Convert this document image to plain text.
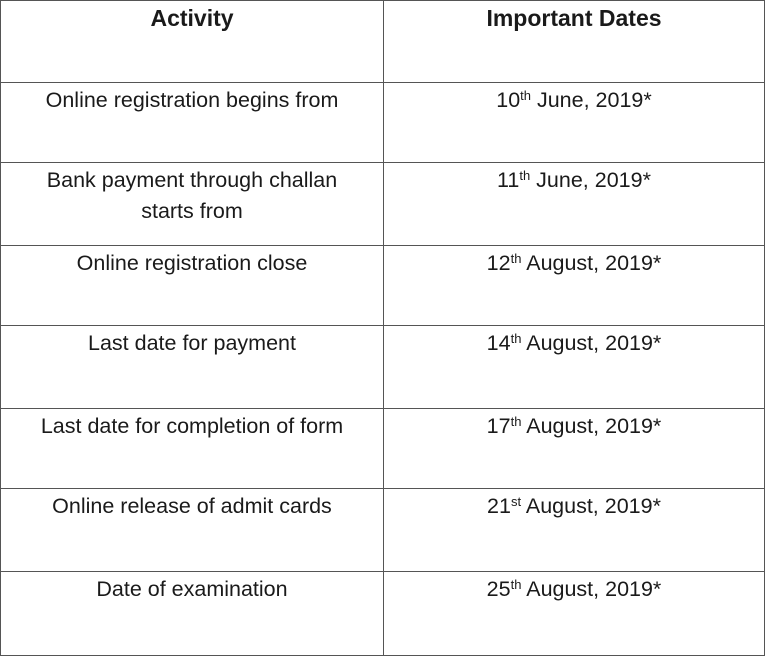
Activity	Important Dates
Online registration begins from	10th June, 2019*
Bank payment through challan starts from	11th June, 2019*
Online registration close	12th August, 2019*
Last date for payment	14th August, 2019*
Last date for completion of form	17th August, 2019*
Online release of admit cards	21st August, 2019*
Date of examination	25th August, 2019*
